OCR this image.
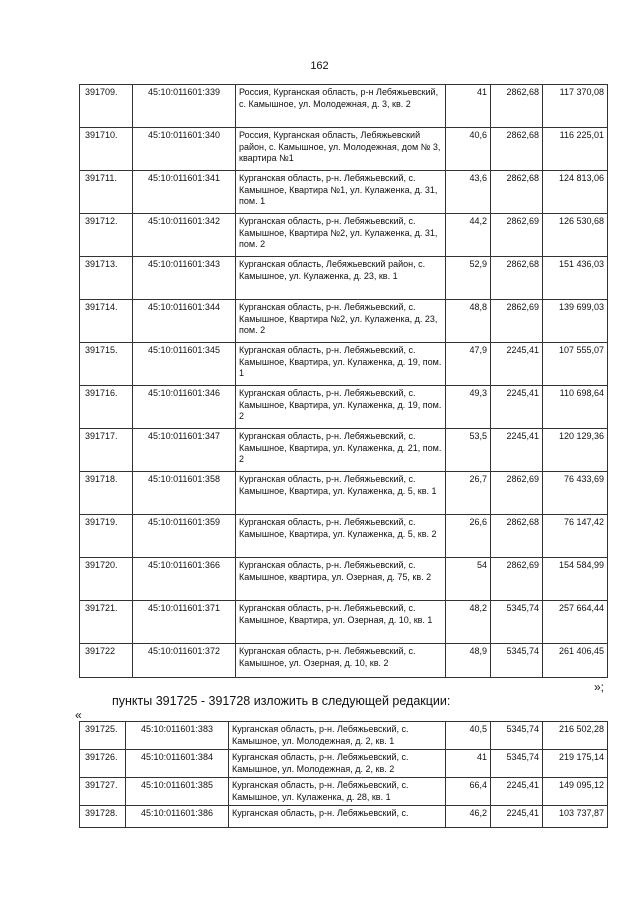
162
391709.	45:10:011601:339	Россия, Курганская область, р-н Лебяжьевский, с. Камышное, ул. Молодежная, д. 3, кв. 2	41	2862,68	117 370,08
391710.	45:10:011601:340	Россия, Курганская область, Лебяжьевский район, с. Камышное, ул. Молодежная, дом № 3, квартира №1	40,6	2862,68	116 225,01
391711.	45:10:011601:341	Курганская область, р-н. Лебяжьевский, с. Камышное, Квартира №1, ул. Кулаженка, д. 31, пом. 1	43,6	2862,68	124 813,06
391712.	45:10:011601:342	Курганская область, р-н. Лебяжьевский, с. Камышное, Квартира №2, ул. Кулаженка, д. 31, пом. 2	44,2	2862,69	126 530,68
391713.	45:10:011601:343	Курганская область, Лебяжьевский район, с. Камышное, ул. Кулаженка, д. 23, кв. 1	52,9	2862,68	151 436,03
391714.	45:10:011601:344	Курганская область, р-н. Лебяжьевский, с. Камышное, Квартира №2, ул. Кулаженка, д. 23, пом. 2	48,8	2862,69	139 699,03
391715.	45:10:011601:345	Курганская область, р-н. Лебяжьевский, с. Камышное, Квартира, ул. Кулаженка, д. 19, пом. 1	47,9	2245,41	107 555,07
391716.	45:10:011601:346	Курганская область, р-н. Лебяжьевский, с. Камышное, Квартира, ул. Кулаженка, д. 19, пом. 2	49,3	2245,41	110 698,64
391717.	45:10:011601:347	Курганская область, р-н. Лебяжьевский, с. Камышное, Квартира, ул. Кулаженка, д. 21, пом. 2	53,5	2245,41	120 129,36
391718.	45:10:011601:358	Курганская область, р-н. Лебяжьевский, с. Камышное, Квартира, ул. Кулаженка, д. 5, кв. 1	26,7	2862,69	76 433,69
391719.	45:10:011601:359	Курганская область, р-н. Лебяжьевский, с. Камышное, Квартира, ул. Кулаженка, д. 5, кв. 2	26,6	2862,68	76 147,42
391720.	45:10:011601:366	Курганская область, р-н. Лебяжьевский, с. Камышное, квартира, ул. Озерная, д. 75, кв. 2	54	2862,69	154 584,99
391721.	45:10:011601:371	Курганская область, р-н. Лебяжьевский, с. Камышное, Квартира, ул. Озерная, д. 10, кв. 1	48,2	5345,74	257 664,44
391722	45:10:011601:372	Курганская область, р-н. Лебяжьевский, с. Камышное, ул. Озерная, д. 10, кв. 2	48,9	5345,74	261 406,45
»;
пункты 391725 - 391728 изложить в следующей редакции:
«
391725.	45:10:011601:383	Курганская область, р-н. Лебяжьевский, с. Камышное, ул. Молодежная, д. 2, кв. 1	40,5	5345,74	216 502,28
391726.	45:10:011601:384	Курганская область, р-н. Лебяжьевский, с. Камышное, ул. Молодежная, д. 2, кв. 2	41	5345,74	219 175,14
391727.	45:10:011601:385	Курганская область, р-н. Лебяжьевский, с. Камышное, ул. Кулаженка, д. 28, кв. 1	66,4	2245,41	149 095,12
391728.	45:10:011601:386	Курганская область, р-н. Лебяжьевский, с.	46,2	2245,41	103 737,87
